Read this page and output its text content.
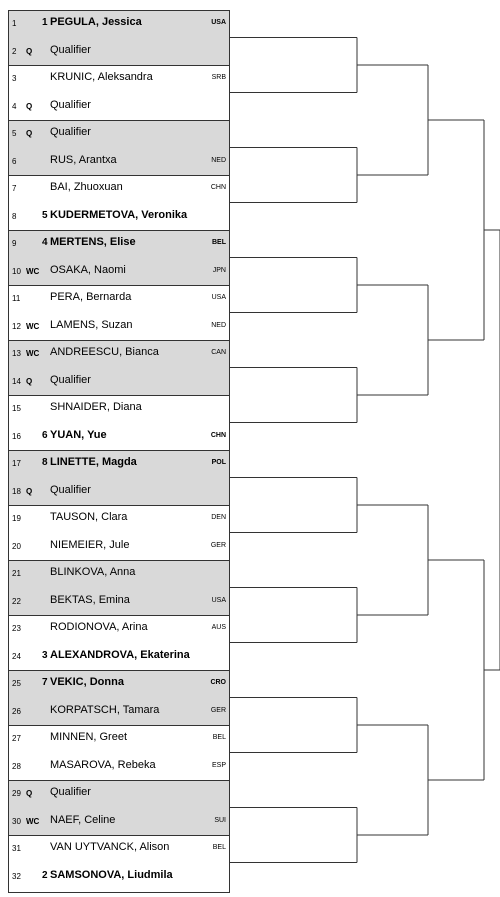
1	1 PEGULA, Jessica	USA
2 Q Qualifier
3	KRUNIC, Aleksandra	SRB
4 Q Qualifier
5 Q Qualifier
6	RUS, Arantxa	NED
7	BAI, Zhuoxuan	CHN
8	5 KUDERMETOVA, Veronika
9	4 MERTENS, Elise	BEL
10 WC OSAKA, Naomi	JPN
11	PERA, Bernarda	USA
12 WC LAMENS, Suzan	NED
13 WC ANDREESCU, Bianca	CAN
14 Q Qualifier
15	SHNAIDER, Diana
16 6 YUAN, Yue	CHN
17 8 LINETTE, Magda	POL
18 Q Qualifier
19	TAUSON, Clara	DEN
20	NIEMEIER, Jule	GER
21	BLINKOVA, Anna
22	BEKTAS, Emina	USA
23	RODIONOVA, Arina	AUS
24 3 ALEXANDROVA, Ekaterina
25 7 VEKIC, Donna	CRO
26	KORPATSCH, Tamara	GER
27	MINNEN, Greet	BEL
28	MASAROVA, Rebeka	ESP
29 Q Qualifier
30 WC NAEF, Celine	SUI
31	VAN UYTVANCK, Alison	BEL
32 2 SAMSONOVA, Liudmila
